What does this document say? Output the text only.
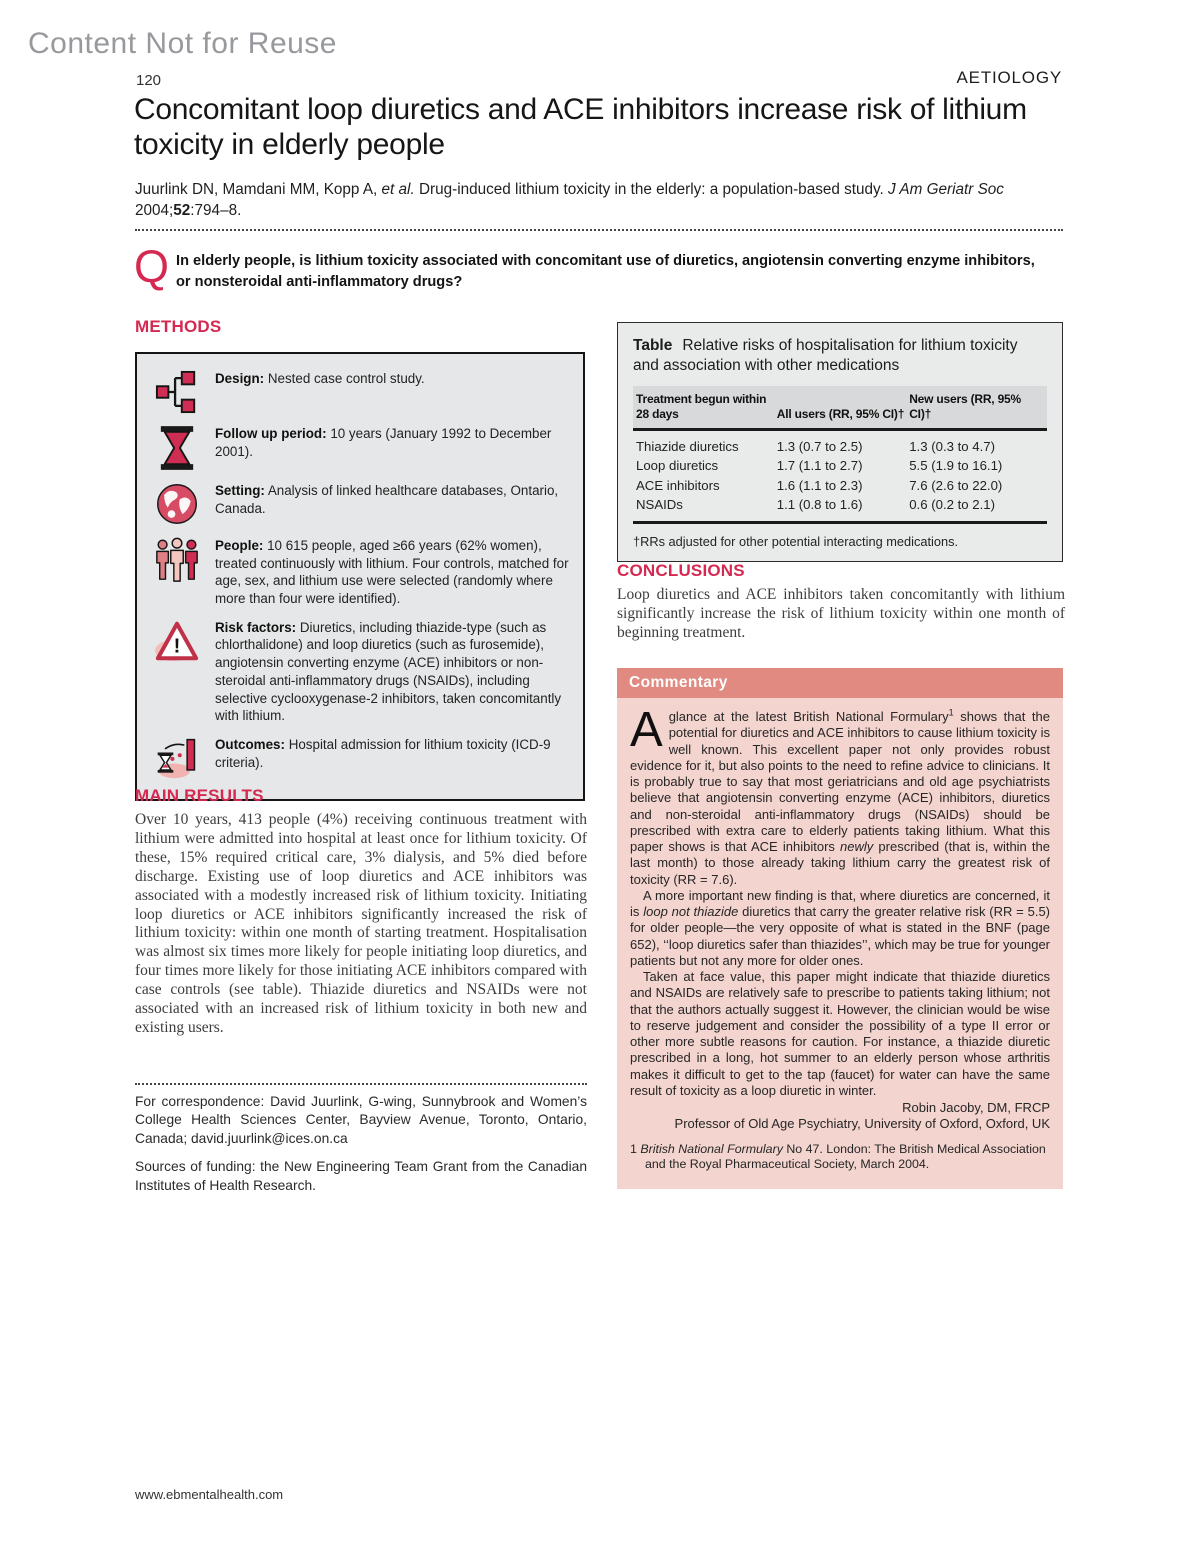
Content Not for Reuse
120	AETIOLOGY
Concomitant loop diuretics and ACE inhibitors increase risk of lithium toxicity in elderly people
Juurlink DN, Mamdani MM, Kopp A, et al. Drug-induced lithium toxicity in the elderly: a population-based study. J Am Geriatr Soc
2004;52:794–8.
Q In elderly people, is lithium toxicity associated with concomitant use of diuretics, angiotensin converting enzyme inhibitors, or nonsteroidal anti-inflammatory drugs?
METHODS
Design: Nested case control study.
Follow up period: 10 years (January 1992 to December 2001).
Setting: Analysis of linked healthcare databases, Ontario, Canada.
People: 10 615 people, aged ≥66 years (62% women), treated continuously with lithium. Four controls, matched for age, sex, and lithium use were selected (randomly where more than four were identified).
!
Risk factors: Diuretics, including thiazide-type (such as chlorthalidone) and loop diuretics (such as furosemide), angiotensin converting enzyme (ACE) inhibitors or non-steroidal anti-inflammatory drugs (NSAIDs), including selective cyclooxygenase-2 inhibitors, taken concomitantly with lithium.
Outcomes: Hospital admission for lithium toxicity (ICD-9 criteria).
MAIN RESULTS

Over 10 years, 413 people (4%) receiving continuous treatment with lithium were admitted into hospital at least once for lithium toxicity. Of these, 15% required critical care, 3% dialysis, and 5% died before discharge. Existing use of loop diuretics and ACE inhibitors was associated with a modestly increased risk of lithium toxicity. Initiating loop diuretics or ACE inhibitors significantly increased the risk of lithium toxicity: within one month of starting treatment. Hospitalisation was almost six times more likely for people initiating loop diuretics, and four times more likely for those initiating ACE inhibitors compared with case controls (see table). Thiazide diuretics and NSAIDs were not associated with an increased risk of lithium toxicity in both new and existing users.

For correspondence: David Juurlink, G-wing, Sunnybrook and Women’s College Health Sciences Center, Bayview Avenue, Toronto, Ontario, Canada; david.juurlink@ices.on.ca

Sources of funding: the New Engineering Team Grant from the Canadian Institutes of Health Research.

Table Relative risks of hospitalisation for lithium toxicity and association with other medications
Treatment begun within 28 days	All users (RR, 95% CI)†	New users (RR, 95% CI)†
Thiazide diuretics	1.3 (0.7 to 2.5)	1.3 (0.3 to 4.7)
Loop diuretics	1.7 (1.1 to 2.7)	5.5 (1.9 to 16.1)
ACE inhibitors	1.6 (1.1 to 2.3)	7.6 (2.6 to 22.0)
NSAIDs	1.1 (0.8 to 1.6)	0.6 (0.2 to 2.1)
†RRs adjusted for other potential interacting medications.
CONCLUSIONS

Loop diuretics and ACE inhibitors taken concomitantly with lithium significantly increase the risk of lithium toxicity within one month of beginning treatment.

Commentary

Aglance at the latest British National Formulary$^1$ shows that the potential for diuretics and ACE inhibitors to cause lithium toxicity is well known. This excellent paper not only provides robust evidence for it, but also points to the need to refine advice to clinicians. It is probably true to say that most geriatricians and old age psychiatrists believe that angiotensin converting enzyme (ACE) inhibitors, diuretics and non-steroidal anti-inflammatory drugs (NSAIDs) should be prescribed with extra care to elderly patients taking lithium. What this paper shows is that ACE inhibitors newly prescribed (that is, within the last month) to those already taking lithium carry the greatest risk of toxicity (RR = 7.6).

A more important new finding is that, where diuretics are concerned, it is loop not thiazide diuretics that carry the greater relative risk (RR = 5.5) for older people—the very opposite of what is stated in the BNF (page 652), ‘‘loop diuretics safer than thiazides’’, which may be true for younger patients but not any more for older ones.

Taken at face value, this paper might indicate that thiazide diuretics and NSAIDs are relatively safe to prescribe to patients taking lithium; not that the authors actually suggest it. However, the clinician would be wise to reserve judgement and consider the possibility of a type II error or other more subtle reasons for caution. For instance, a thiazide diuretic prescribed in a long, hot summer to an elderly person whose arthritis makes it difficult to get to the tap (faucet) for water can have the same result of toxicity as a loop diuretic in winter.

Robin Jacoby, DM, FRCP
Professor of Old Age Psychiatry, University of Oxford, Oxford, UK

1 British National Formulary No 47. London: The British Medical Association and the Royal Pharmaceutical Society, March 2004.

www.ebmentalhealth.com
